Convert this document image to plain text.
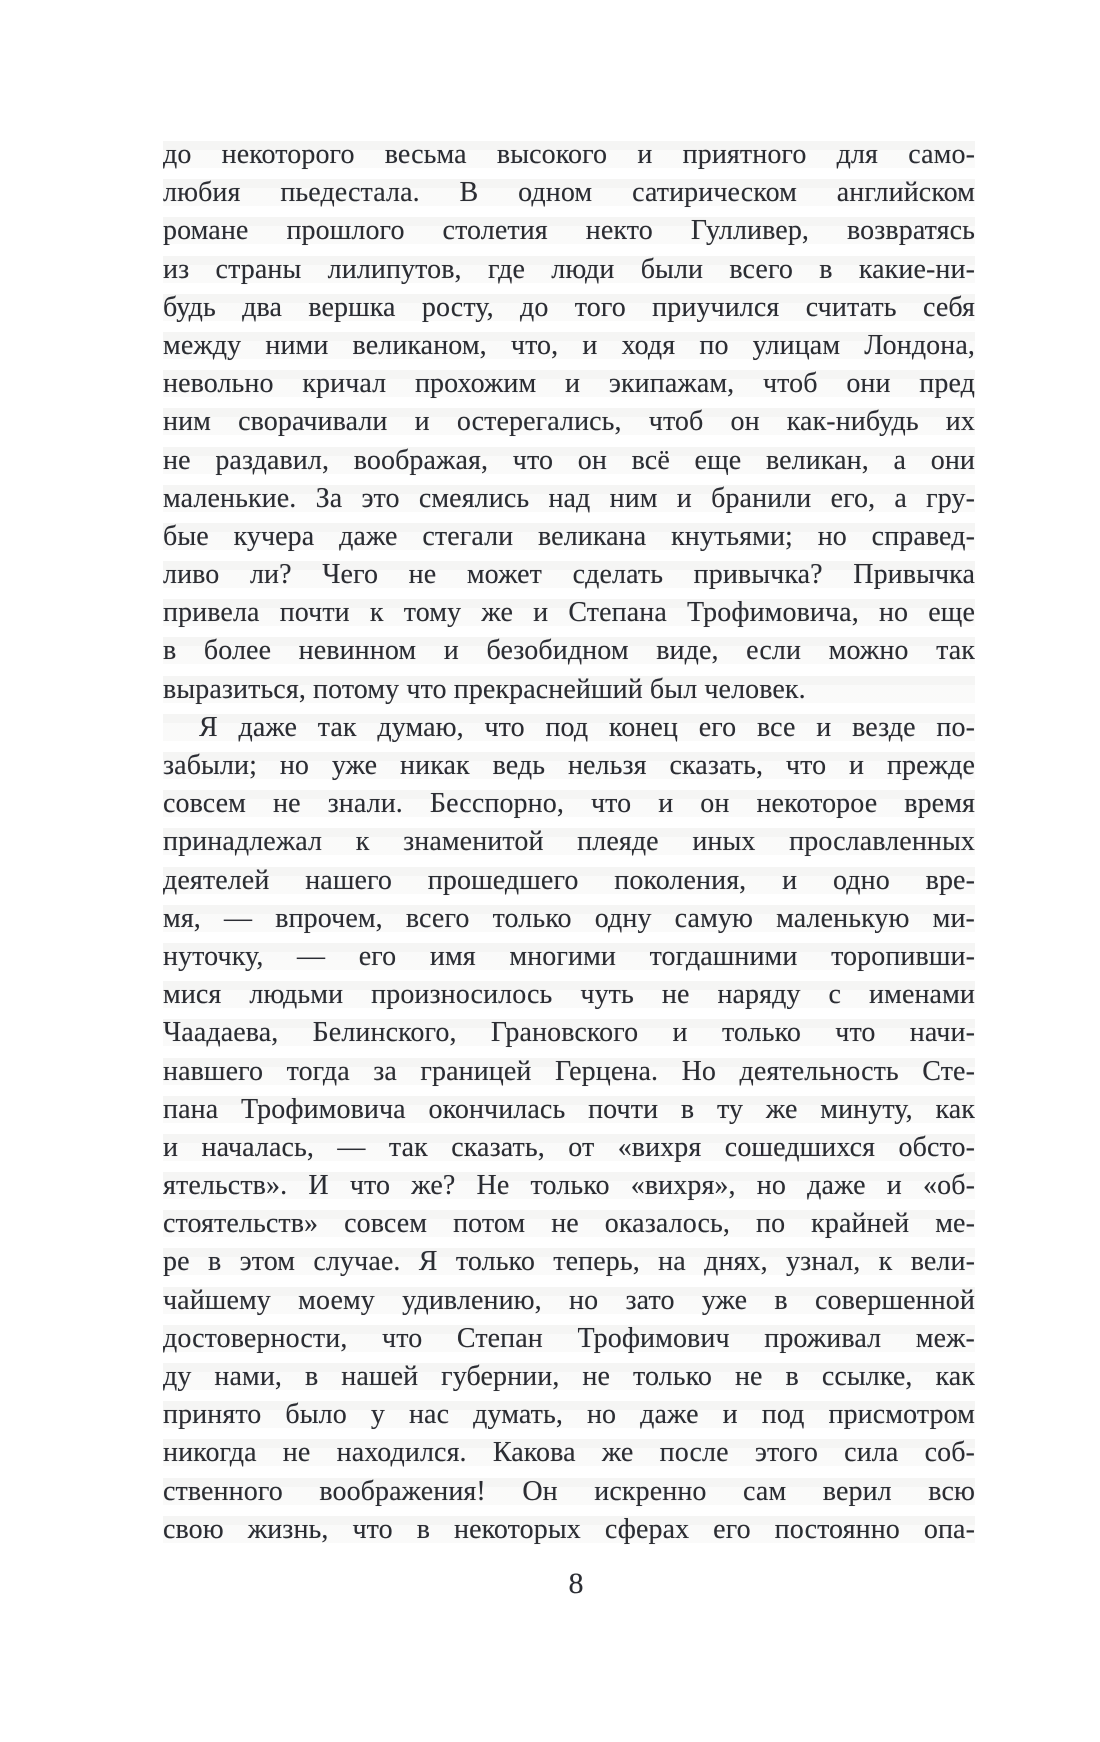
до некоторого весьма высокого и приятного для само-
любия пьедестала. В одном сатирическом английском
романе прошлого столетия некто Гулливер, возвратясь
из страны лилипутов, где люди были всего в какие-ни-
будь два вершка росту, до того приучился считать себя
между ними великаном, что, и ходя по улицам Лондона,
невольно кричал прохожим и экипажам, чтоб они пред
ним сворачивали и остерегались, чтоб он как-нибудь их
не раздавил, воображая, что он всё еще великан, а они
маленькие. За это смеялись над ним и бранили его, а гру-
бые кучера даже стегали великана кнутьями; но справед-
ливо ли? Чего не может сделать привычка? Привычка
привела почти к тому же и Степана Трофимовича, но еще
в более невинном и безобидном виде, если можно так
выразиться, потому что прекраснейший был человек.
Я даже так думаю, что под конец его все и везде по-
забыли; но уже никак ведь нельзя сказать, что и прежде
совсем не знали. Бесспорно, что и он некоторое время
принадлежал к знаменитой плеяде иных прославленных
деятелей нашего прошедшего поколения, и одно вре-
мя, — впрочем, всего только одну самую маленькую ми-
нуточку, — его имя многими тогдашними торопивши-
мися людьми произносилось чуть не наряду с именами
Чаадаева, Белинского, Грановского и только что начи-
навшего тогда за границей Герцена. Но деятельность Сте-
пана Трофимовича окончилась почти в ту же минуту, как
и началась, — так сказать, от «вихря сошедшихся обсто-
ятельств». И что же? Не только «вихря», но даже и «об-
стоятельств» совсем потом не оказалось, по крайней ме-
ре в этом случае. Я только теперь, на днях, узнал, к вели-
чайшему моему удивлению, но зато уже в совершенной
достоверности, что Степан Трофимович проживал меж-
ду нами, в нашей губернии, не только не в ссылке, как
принято было у нас думать, но даже и под присмотром
никогда не находился. Какова же после этого сила соб-
ственного воображения! Он искренно сам верил всю
свою жизнь, что в некоторых сферах его постоянно опа-
8
